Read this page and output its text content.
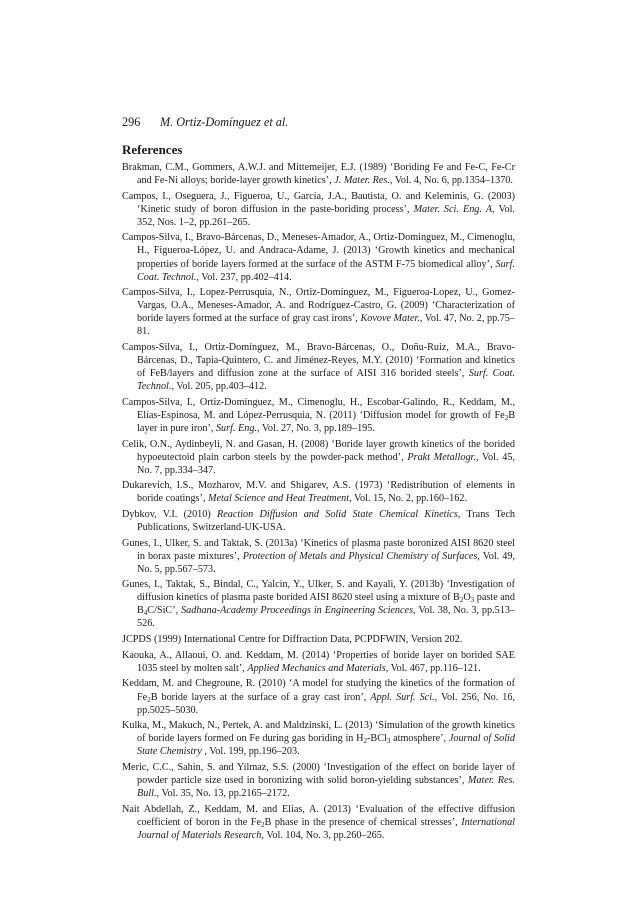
296 M. Ortiz-Domínguez et al.
References

Brakman, C.M., Gommers, A.W.J. and Mittemeijer, E.J. (1989) ‘Boriding Fe and Fe-C, Fe-Cr and Fe-Ni alloys; boride-layer growth kinetics’, J. Mater. Res., Vol. 4, No. 6, pp.1354–1370.

Campos, I., Oseguera, J., Figueroa, U., García, J.A., Bautista, O. and Keleminis, G. (2003) ‘Kinetic study of boron diffusion in the paste-boriding process’, Mater. Sci. Eng. A, Vol. 352, Nos. 1–2, pp.261–265.

Campos-Silva, I., Bravo-Bárcenas, D., Meneses-Amador, A., Ortiz-Dominguez, M., Cimenoglu, H., Figueroa-López, U. and Andraca-Adame, J. (2013) ‘Growth kinetics and mechanical properties of boride layers formed at the surface of the ASTM F-75 biomedical alloy’, Surf. Coat. Technol., Vol. 237, pp.402–414.

Campos-Silva, I., Lopez-Perrusquia, N., Ortiz-Domínguez, M., Figueroa-Lopez, U., Gomez-Vargas, O.A., Meneses-Amador, A. and Rodríguez-Castro, G. (2009) ‘Characterization of boride layers formed at the surface of gray cast irons’, Kovove Mater., Vol. 47, No. 2, pp.75–81.

Campos-Silva, I., Ortiz-Domínguez, M., Bravo-Bárcenas, O., Doñu-Ruiz, M.A., Bravo-Bárcenas, D., Tapia-Quintero, C. and Jiménez-Reyes, M.Y. (2010) ‘Formation and kinetics of FeB/layers and diffusion zone at the surface of AISI 316 borided steels’, Surf. Coat. Technol., Vol. 205, pp.403–412.

Campos-Silva, I., Ortiz-Domínguez, M., Cimenoglu, H., Escobar-Galindo, R., Keddam, M., Elías-Espinosa, M. and López-Perrusquia, N. (2011) ‘Diffusion model for growth of $Fe_2B$ layer in pure iron’, Surf. Eng., Vol. 27, No. 3, pp.189–195.

Celik, O.N., Aydinbeyli, N. and Gasan, H. (2008) ‘Boride layer growth kinetics of the borided hypoeutectoid plain carbon steels by the powder-pack method’, Prakt Metallogr., Vol. 45, No. 7, pp.334–347.

Dukarevich, I.S., Mozharov, M.V. and Shigarev, A.S. (1973) ‘Redistribution of elements in boride coatings’, Metal Science and Heat Treatment, Vol. 15, No. 2, pp.160–162.

Dybkov, V.I. (2010) Reaction Diffusion and Solid State Chemical Kinetics, Trans Tech Publications, Switzerland-UK-USA.

Gunes, I., Ulker, S. and Taktak, S. (2013a) ‘Kinetics of plasma paste boronized AISI 8620 steel in borax paste mixtures’, Protection of Metals and Physical Chemistry of Surfaces, Vol. 49, No. 5, pp.567–573.

Gunes, I., Taktak, S., Bindal, C., Yalcin, Y., Ulker, S. and Kayali, Y. (2013b) ‘Investigation of diffusion kinetics of plasma paste borided AISI 8620 steel using a mixture of $B_2O_3$ paste and $B_4C$/SiC’, Sadhana-Academy Proceedings in Engineering Sciences, Vol. 38, No. 3, pp.513–526.

JCPDS (1999) International Centre for Diffraction Data, PCPDFWIN, Version 202.

Kaouka, A., Allaoui, O. and. Keddam, M. (2014) ‘Properties of boride layer on borided SAE 1035 steel by molten salt’, Applied Mechanics and Materials, Vol. 467, pp.116–121.

Keddam, M. and Chegroune, R. (2010) ‘A model for studying the kinetics of the formation of $Fe_2B$ boride layers at the surface of a gray cast iron’, Appl. Surf. Sci., Vol. 256, No. 16, pp.5025–5030.

Kulka, M., Makuch, N., Pertek, A. and Maldzinski, L. (2013) ‘Simulation of the growth kinetics of boride layers formed on Fe during gas boriding in $H_2-BCl_3$ atmosphere’, Journal of Solid State Chemistry , Vol. 199, pp.196–203.

Meric, C.C., Sahin, S. and Yilmaz, S.S. (2000) ‘Investigation of the effect on boride layer of powder particle size used in boronizing with solid boron-yielding substances’, Mater. Res. Bull., Vol. 35, No. 13, pp.2165–2172.

Nait Abdellah, Z., Keddam, M. and Elias, A. (2013) ‘Evaluation of the effective diffusion coefficient of boron in the $Fe_2B$ phase in the presence of chemical stresses’, International Journal of Materials Research, Vol. 104, No. 3, pp.260–265.
